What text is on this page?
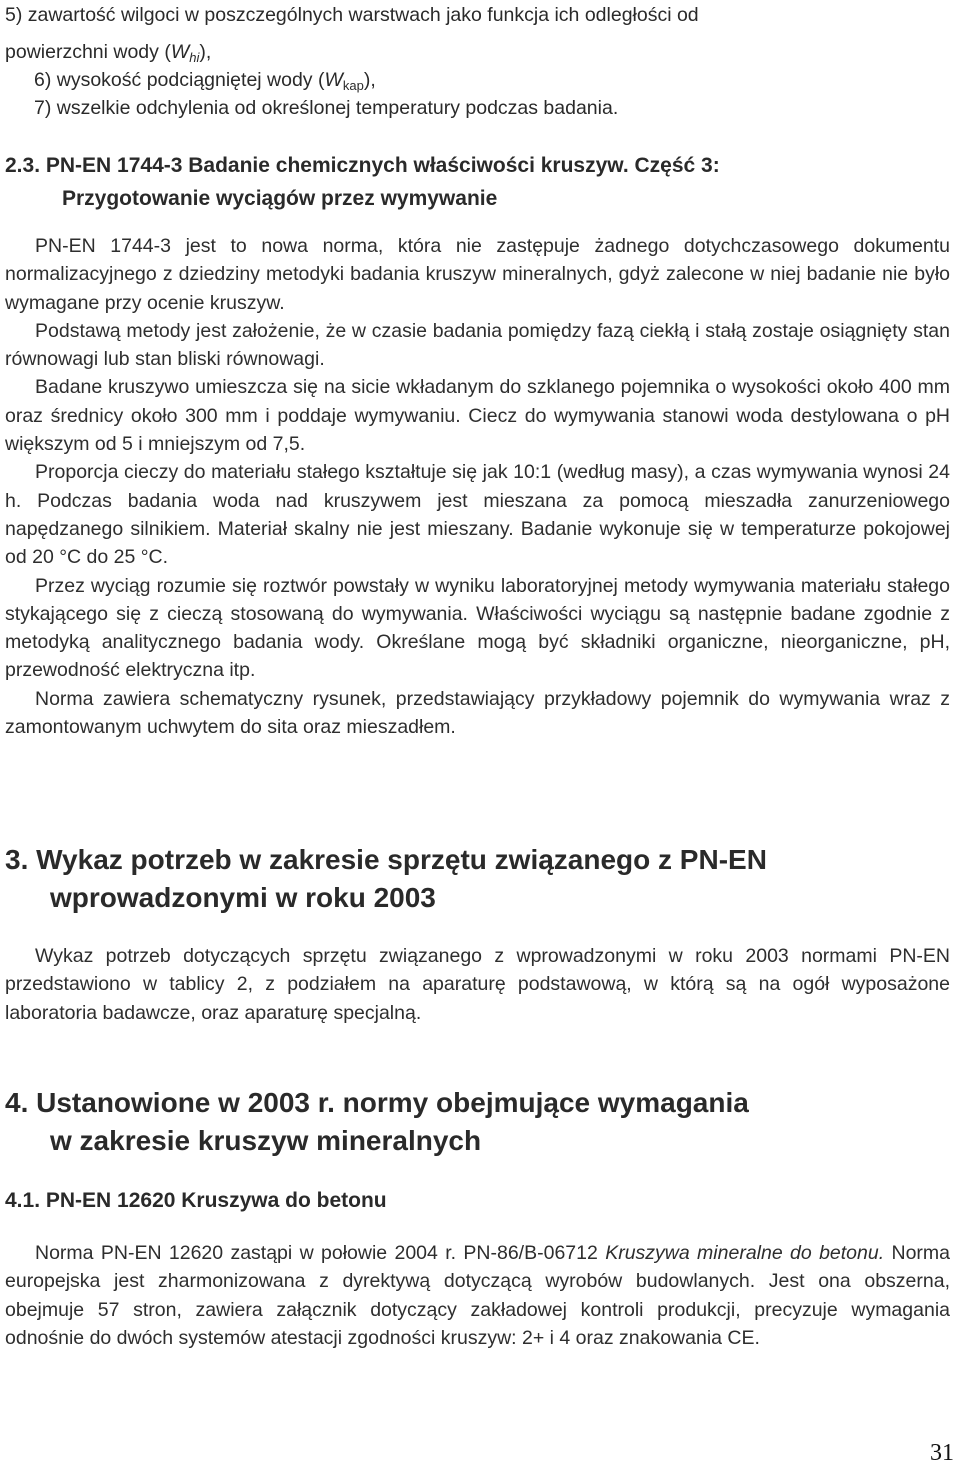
5) zawartość wilgoci w poszczególnych warstwach jako funkcja ich odległości od
powierzchni wody $(W_{hi})$,
6) wysokość podciągniętej wody $(W_{kap})$,
7) wszelkie odchylenia od określonej temperatury podczas badania.
2.3. PN-EN 1744-3 Badanie chemicznych właściwości kruszyw. Część 3:
Przygotowanie wyciągów przez wymywanie
PN-EN 1744-3 jest to nowa norma, która nie zastępuje żadnego dotychczasowego dokumentu normalizacyjnego z dziedziny metodyki badania kruszyw mineralnych, gdyż zalecone w niej badanie nie było wymagane przy ocenie kruszyw.
Podstawą metody jest założenie, że w czasie badania pomiędzy fazą ciekłą i stałą zostaje osiągnięty stan równowagi lub stan bliski równowagi.
Badane kruszywo umieszcza się na sicie wkładanym do szklanego pojemnika o wysokości około 400 mm oraz średnicy około 300 mm i poddaje wymywaniu. Ciecz do wymywania stanowi woda destylowana o pH większym od 5 i mniejszym od 7,5.
Proporcja cieczy do materiału stałego kształtuje się jak 10:1 (według masy), a czas wymywania wynosi 24 h. Podczas badania woda nad kruszywem jest mieszana za pomocą mieszadła zanurzeniowego napędzanego silnikiem. Materiał skalny nie jest mieszany. Badanie wykonuje się w temperaturze pokojowej od 20 °C do 25 °C.
Przez wyciąg rozumie się roztwór powstały w wyniku laboratoryjnej metody wymywania materiału stałego stykającego się z cieczą stosowaną do wymywania. Właściwości wyciągu są następnie badane zgodnie z metodyką analitycznego badania wody. Określane mogą być składniki organiczne, nieorganiczne, pH, przewodność elektryczna itp.
Norma zawiera schematyczny rysunek, przedstawiający przykładowy pojemnik do wymywania wraz z zamontowanym uchwytem do sita oraz mieszadłem.
3. Wykaz potrzeb w zakresie sprzętu związanego z PN-EN
wprowadzonymi w roku 2003
Wykaz potrzeb dotyczących sprzętu związanego z wprowadzonymi w roku 2003 normami PN-EN przedstawiono w tablicy 2, z podziałem na aparaturę podstawową, w którą są na ogół wyposażone laboratoria badawcze, oraz aparaturę specjalną.
4. Ustanowione w 2003 r. normy obejmujące wymagania
w zakresie kruszyw mineralnych
4.1. PN-EN 12620 Kruszywa do betonu
Norma PN-EN 12620 zastąpi w połowie 2004 r. PN-86/B-06712 Kruszywa mineralne do betonu. Norma europejska jest zharmonizowana z dyrektywą dotyczącą wyrobów budowlanych. Jest ona obszerna, obejmuje 57 stron, zawiera załącznik dotyczący zakładowej kontroli produkcji, precyzuje wymagania odnośnie do dwóch systemów atestacji zgodności kruszyw: 2+ i 4 oraz znakowania CE.
31
